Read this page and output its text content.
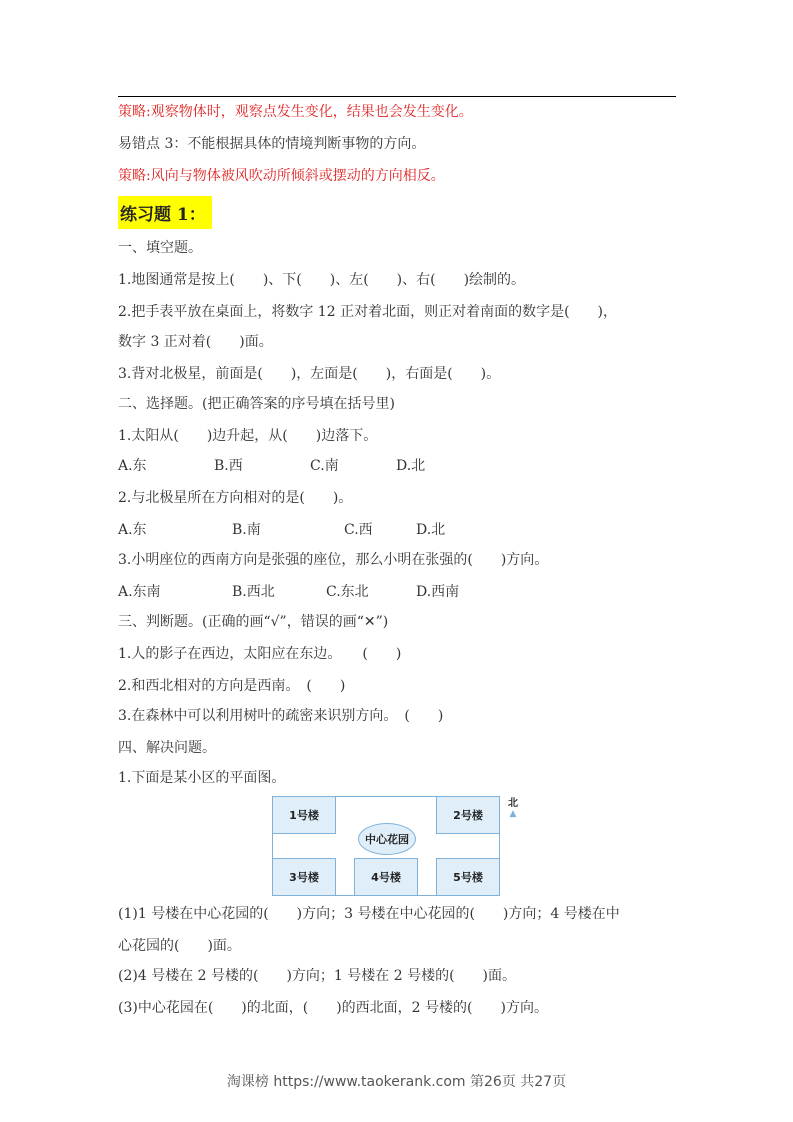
策略:观察物体时，观察点发生变化，结果也会发生变化。
易错点 3：不能根据具体的情境判断事物的方向。
策略:风向与物体被风吹动所倾斜或摆动的方向相反。
练习题 1：
一、填空题。
1.地图通常是按上(　　)、下(　　)、左(　　)、右(　　)绘制的。
2.把手表平放在桌面上，将数字 12 正对着北面，则正对着南面的数字是(　　)，
数字 3 正对着(　　)面。
3.背对北极星，前面是(　　)，左面是(　　)，右面是(　　)。
二、选择题。(把正确答案的序号填在括号里)
1.太阳从(　　)边升起，从(　　)边落下。
A.东	B.西	C.南	D.北
2.与北极星所在方向相对的是(　　)。
A.东	B.南	C.西	D.北
3.小明座位的西南方向是张强的座位，那么小明在张强的(　　)方向。
A.东南	B.西北	C.东北	D.西南
三、判断题。(正确的画“√”，错误的画“✕”)
1.人的影子在西边，太阳应在东边。　　(　　)
2.和西北相对的方向是西南。　(　　)
3.在森林中可以利用树叶的疏密来识别方向。　(　　)
四、解决问题。
1.下面是某小区的平面图。
1号楼	2号楼
3号楼	4号楼	5号楼
中心花园
北
▲
(1)1 号楼在中心花园的(　　)方向；3 号楼在中心花园的(　　)方向；4 号楼在中
心花园的(　　)面。
(2)4 号楼在 2 号楼的(　　)方向；1 号楼在 2 号楼的(　　)面。
(3)中心花园在(　　)的北面，(　　)的西北面，2 号楼的(　　)方向。
淘课榜 https://www.taokerank.com 第26页 共27页
